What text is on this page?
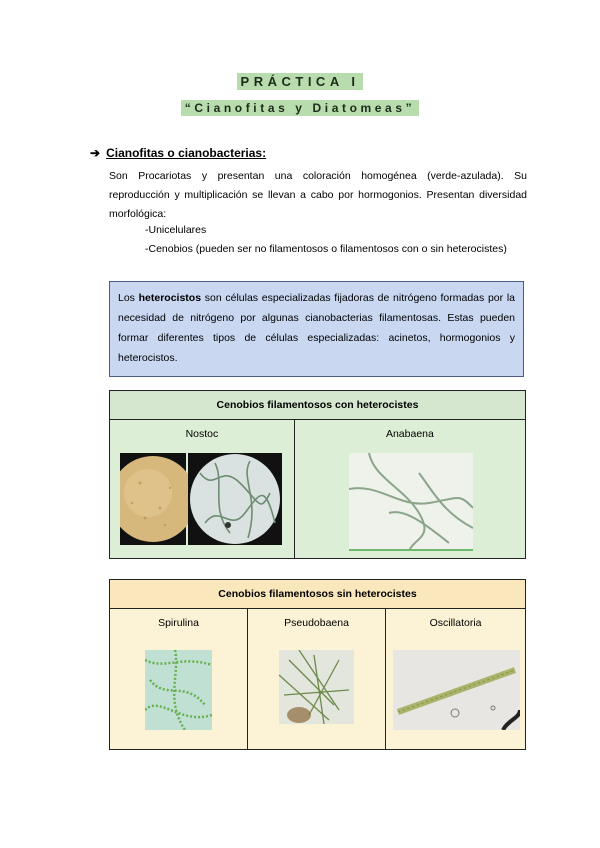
PRÁCTICA I
“Cianofitas y Diatomeas”
➔ Cianofitas o cianobacterias:
Son Procariotas y presentan una coloración homogénea (verde-azulada). Su reproducción y multiplicación se llevan a cabo por hormogonios. Presentan diversidad morfológica:
-Unicelulares
-Cenobios (pueden ser no filamentosos o filamentosos con o sin heterocistes)
Los heterocistos son células especializadas fijadoras de nitrógeno formadas por la necesidad de nitrógeno por algunas cianobacterias filamentosas. Estas pueden formar diferentes tipos de células especializadas: acinetos, hormogonios y heterocistos.
Cenobios filamentosos con heterocistes

Nostoc	Anabaena
Cenobios filamentosos sin heterocistes

Spirulina	Pseudobaena	Oscillatoria
